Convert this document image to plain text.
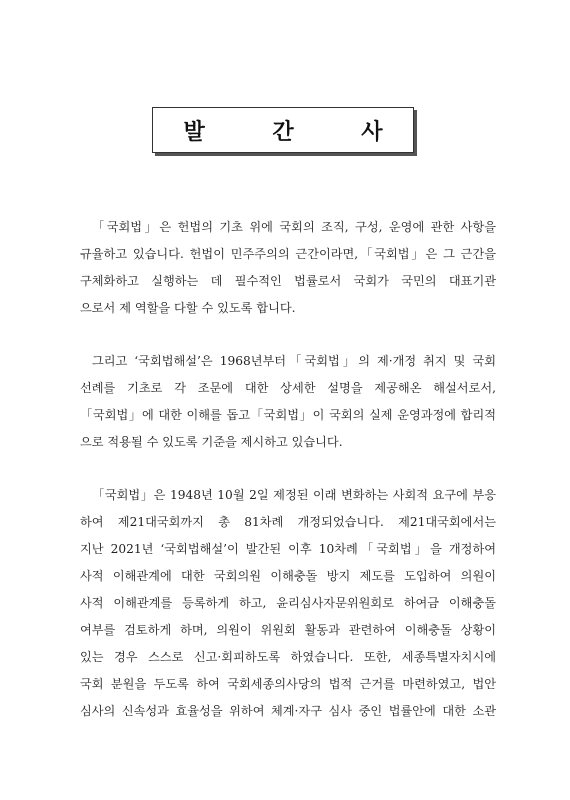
발 간 사
「국회법」은 헌법의 기초 위에 국회의 조직, 구성, 운영에 관한 사항을
규율하고 있습니다. 헌법이 민주주의의 근간이라면,「국회법」은 그 근간을
구체화하고 실행하는 데 필수적인 법률로서 국회가 국민의 대표기관
으로서 제 역할을 다할 수 있도록 합니다.
그리고 ‘국회법해설’은 1968년부터「국회법」의 제·개정 취지 및 국회
선례를 기초로 각 조문에 대한 상세한 설명을 제공해온 해설서로서,
「국회법」에 대한 이해를 돕고「국회법」이 국회의 실제 운영과정에 합리적
으로 적용될 수 있도록 기준을 제시하고 있습니다.
「국회법」은 1948년 10월 2일 제정된 이래 변화하는 사회적 요구에 부응
하여 제21대국회까지 총 81차례 개정되었습니다. 제21대국회에서는
지난 2021년 ‘국회법해설’이 발간된 이후 10차례「국회법」을 개정하여
사적 이해관계에 대한 국회의원 이해충돌 방지 제도를 도입하여 의원이
사적 이해관계를 등록하게 하고, 윤리심사자문위원회로 하여금 이해충돌
여부를 검토하게 하며, 의원이 위원회 활동과 관련하여 이해충돌 상황이
있는 경우 스스로 신고·회피하도록 하였습니다. 또한, 세종특별자치시에
국회 분원을 두도록 하여 국회세종의사당의 법적 근거를 마련하였고, 법안
심사의 신속성과 효율성을 위하여 체계·자구 심사 중인 법률안에 대한 소관
